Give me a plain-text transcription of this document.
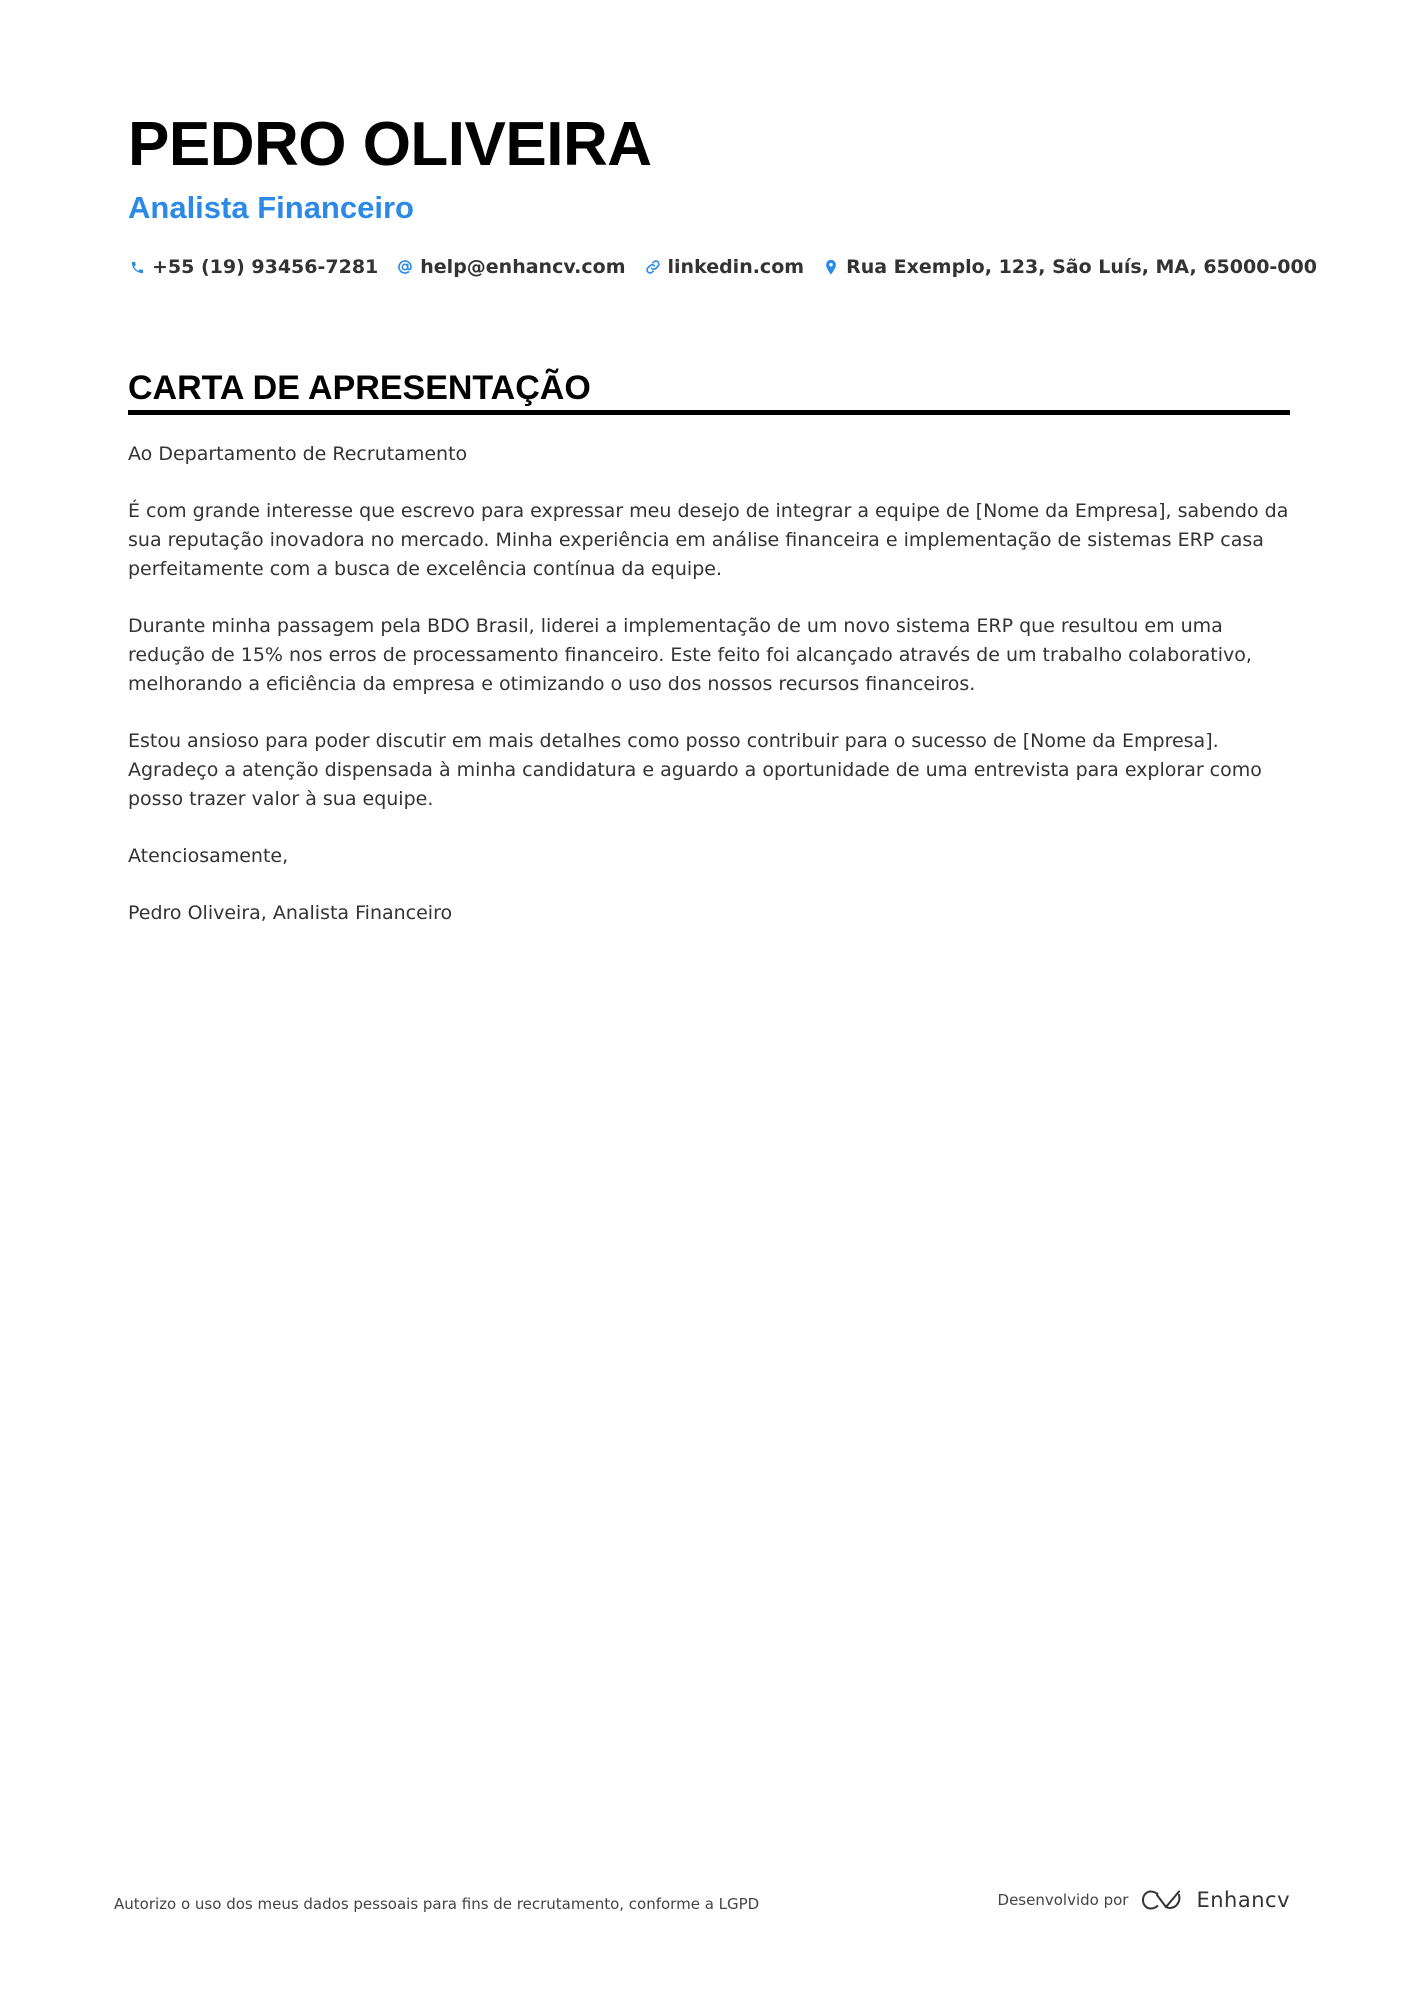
PEDRO OLIVEIRA
Analista Financeiro
+55 (19) 93456-7281 help@enhancv.com linkedin.com Rua Exemplo, 123, São Luís, MA, 65000-000
CARTA DE APRESENTAÇÃO

Ao Departamento de Recrutamento

É com grande interesse que escrevo para expressar meu desejo de integrar a equipe de [Nome da Empresa], sabendo da sua reputação inovadora no mercado. Minha experiência em análise financeira e implementação de sistemas ERP casa perfeitamente com a busca de excelência contínua da equipe.

Durante minha passagem pela BDO Brasil, liderei a implementação de um novo sistema ERP que resultou em uma redução de 15% nos erros de processamento financeiro. Este feito foi alcançado através de um trabalho colaborativo, melhorando a eficiência da empresa e otimizando o uso dos nossos recursos financeiros.

Estou ansioso para poder discutir em mais detalhes como posso contribuir para o sucesso de [Nome da Empresa]. Agradeço a atenção dispensada à minha candidatura e aguardo a oportunidade de uma entrevista para explorar como posso trazer valor à sua equipe.

Atenciosamente,

Pedro Oliveira, Analista Financeiro

Autorizo o uso dos meus dados pessoais para fins de recrutamento, conforme a LGPD	Desenvolvido por	Enhancv
